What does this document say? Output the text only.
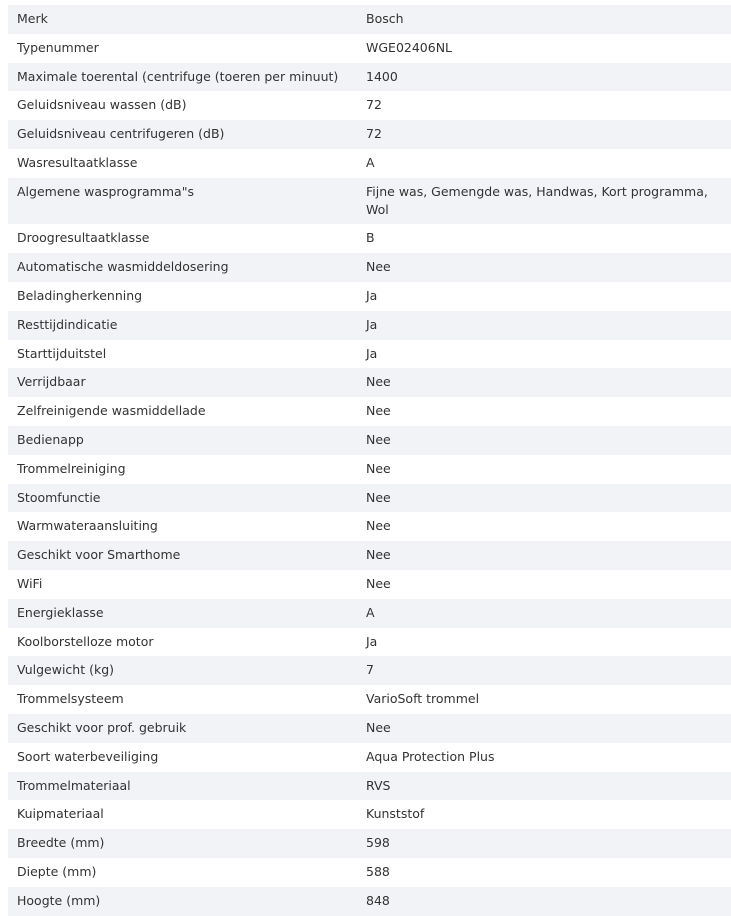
Merk	Bosch
Typenummer	WGE02406NL
Maximale toerental (centrifuge (toeren per minuut)	1400
Geluidsniveau wassen (dB)	72
Geluidsniveau centrifugeren (dB)	72
Wasresultaatklasse	A
Algemene wasprogramma"s	Fijne was, Gemengde was, Handwas, Kort programma, Wol
Droogresultaatklasse	B
Automatische wasmiddeldosering	Nee
Beladingherkenning	Ja
Resttijdindicatie	Ja
Starttijduitstel	Ja
Verrijdbaar	Nee
Zelfreinigende wasmiddellade	Nee
Bedienapp	Nee
Trommelreiniging	Nee
Stoomfunctie	Nee
Warmwateraansluiting	Nee
Geschikt voor Smarthome	Nee
WiFi	Nee
Energieklasse	A
Koolborstelloze motor	Ja
Vulgewicht (kg)	7
Trommelsysteem	VarioSoft trommel
Geschikt voor prof. gebruik	Nee
Soort waterbeveiliging	Aqua Protection Plus
Trommelmateriaal	RVS
Kuipmateriaal	Kunststof
Breedte (mm)	598
Diepte (mm)	588
Hoogte (mm)	848
